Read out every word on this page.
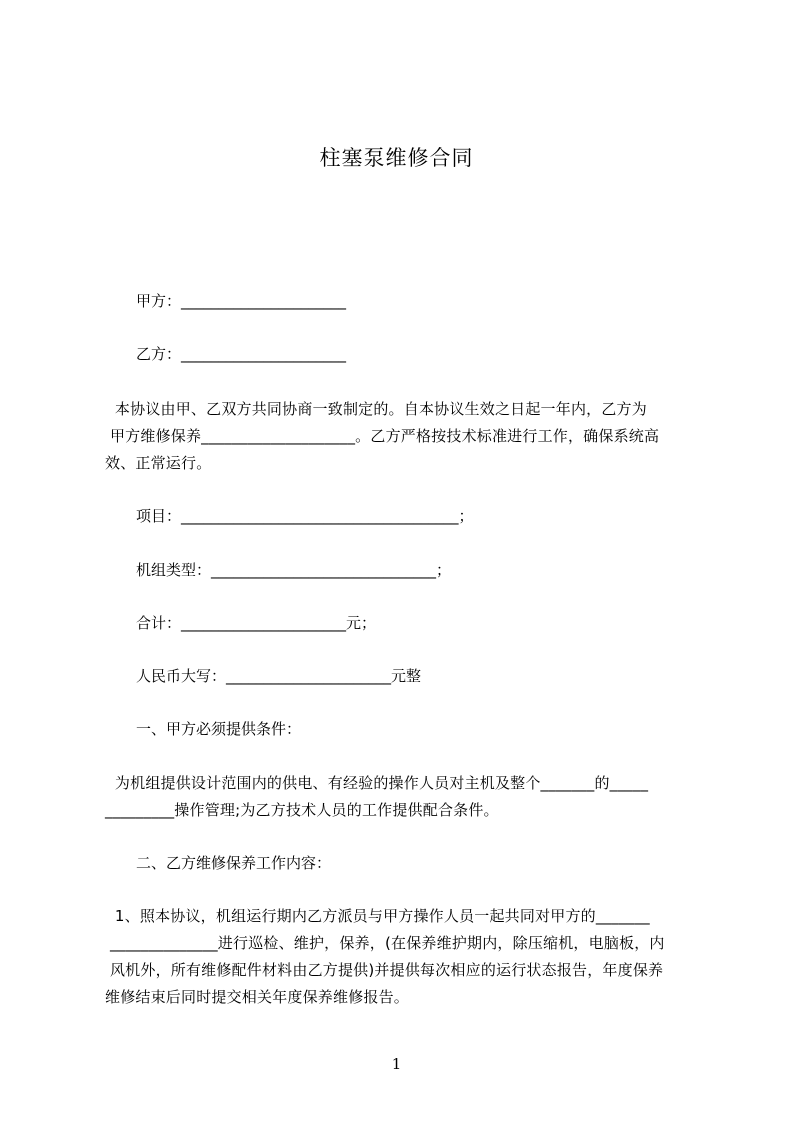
柱塞泵维修合同
甲方：______________________
乙方：______________________
本协议由甲、乙双方共同协商一致制定的。自本协议生效之日起一年内，乙方为
甲方维修保养____________________。乙方严格按技术标准进行工作，确保系统高
效、正常运行。
项目：_____________________________________；
机组类型：______________________________；
合计：______________________元；
人民币大写：______________________元整
一、甲方必须提供条件：
为机组提供设计范围内的供电、有经验的操作人员对主机及整个_______的_____
_________操作管理;为乙方技术人员的工作提供配合条件。
二、乙方维修保养工作内容：
1、照本协议，机组运行期内乙方派员与甲方操作人员一起共同对甲方的_______
______________进行巡检、维护，保养，(在保养维护期内，除压缩机，电脑板，内
风机外，所有维修配件材料由乙方提供)并提供每次相应的运行状态报告，年度保养
维修结束后同时提交相关年度保养维修报告。
1
